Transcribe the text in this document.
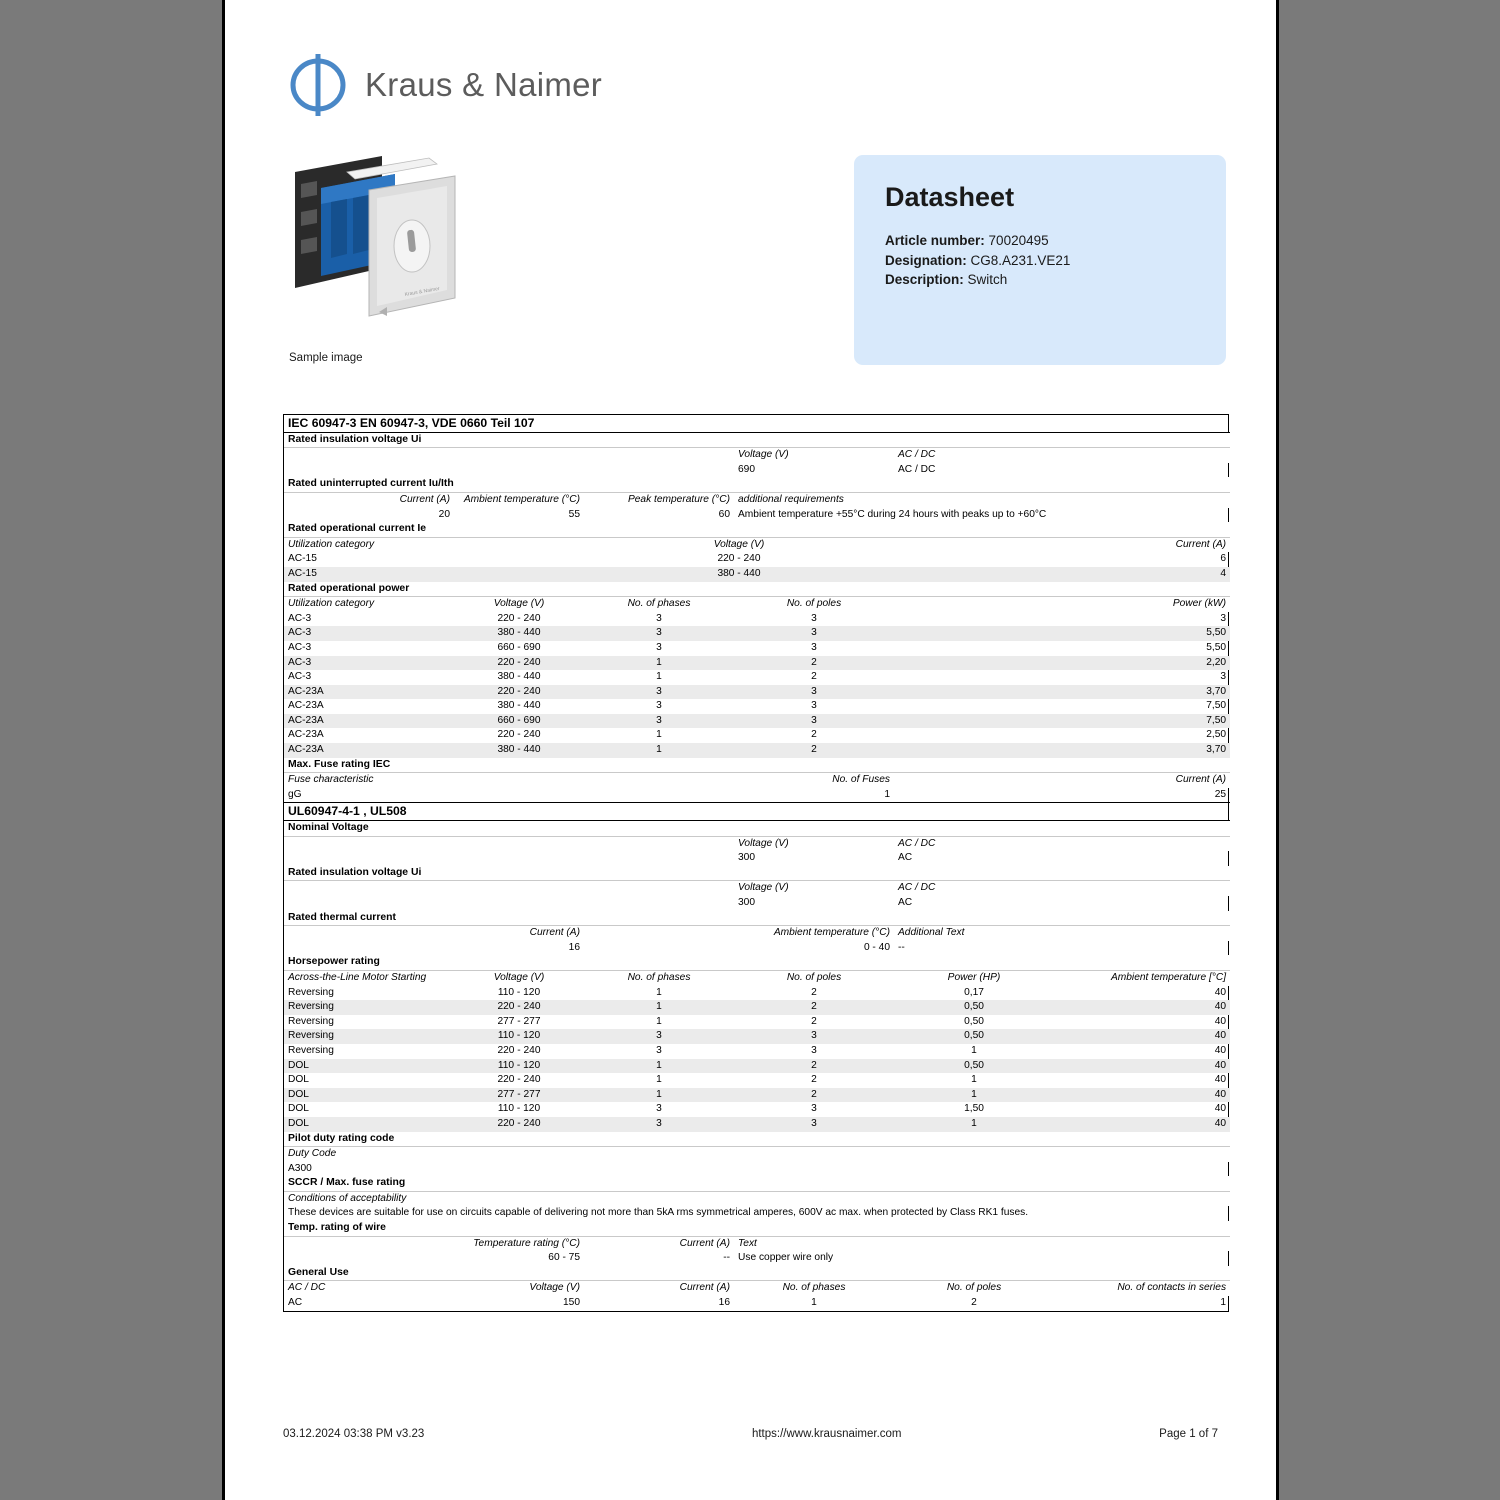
Kraus & Naimer
Kraus & Naimer
Sample image
Datasheet
Article number: 70020495
Designation: CG8.A231.VE21
Description: Switch
IEC 60947-3 EN 60947-3, VDE 0660 Teil 107					
Rated insulation voltage Ui					
			Voltage (V)	AC / DC	
			690	AC / DC	
Rated uninterrupted current Iu/Ith					
Current (A)	Ambient temperature (°C)	Peak temperature (°C)	additional requirements		
20	55	60	Ambient temperature +55°C during 24 hours with peaks up to +60°C		
Rated operational current Ie					
Utilization category		Voltage (V)		Current (A)	
AC-15		220 - 240		6	
AC-15		380 - 440		4	
Rated operational power					
Utilization category	Voltage (V)	No. of phases	No. of poles	Power (kW)	
AC-3	220 - 240	3	3	3	
AC-3	380 - 440	3	3	5,50	
AC-3	660 - 690	3	3	5,50	
AC-3	220 - 240	1	2	2,20	
AC-3	380 - 440	1	2	3	
AC-23A	220 - 240	3	3	3,70	
AC-23A	380 - 440	3	3	7,50	
AC-23A	660 - 690	3	3	7,50	
AC-23A	220 - 240	1	2	2,50	
AC-23A	380 - 440	1	2	3,70	
Max. Fuse rating IEC					
Fuse characteristic		No. of Fuses		Current (A)	
gG		1		25	
UL60947-4-1 , UL508					
Nominal Voltage					
			Voltage (V)	AC / DC	
			300	AC	
Rated insulation voltage Ui					
			Voltage (V)	AC / DC	
			300	AC	
Rated thermal current					
Current (A)		Ambient temperature (°C)		Additional Text	
16		0 - 40		--	
Horsepower rating					
Across-the-Line Motor Starting	Voltage (V)	No. of phases	No. of poles	Power (HP)	Ambient temperature [°C]
Reversing	110 - 120	1	2	0,17	40
Reversing	220 - 240	1	2	0,50	40
Reversing	277 - 277	1	2	0,50	40
Reversing	110 - 120	3	3	0,50	40
Reversing	220 - 240	3	3	1	40
DOL	110 - 120	1	2	0,50	40
DOL	220 - 240	1	2	1	40
DOL	277 - 277	1	2	1	40
DOL	110 - 120	3	3	1,50	40
DOL	220 - 240	3	3	1	40
Pilot duty rating code					
Duty Code					
A300					
SCCR / Max. fuse rating					
Conditions of acceptability					
These devices are suitable for use on circuits capable of delivering not more than 5kA rms symmetrical amperes, 600V ac max. when protected by Class RK1 fuses.					
Temp. rating of wire					
Temperature rating (°C)		Current (A)	Text		
60 - 75		--	Use copper wire only		
General Use					
AC / DC	Voltage (V)	Current (A)	No. of phases	No. of poles	No. of contacts in series
AC	150	16	1	2	1
03.12.2024 03:38 PM v3.23	https://www.krausnaimer.com	Page 1 of 7
